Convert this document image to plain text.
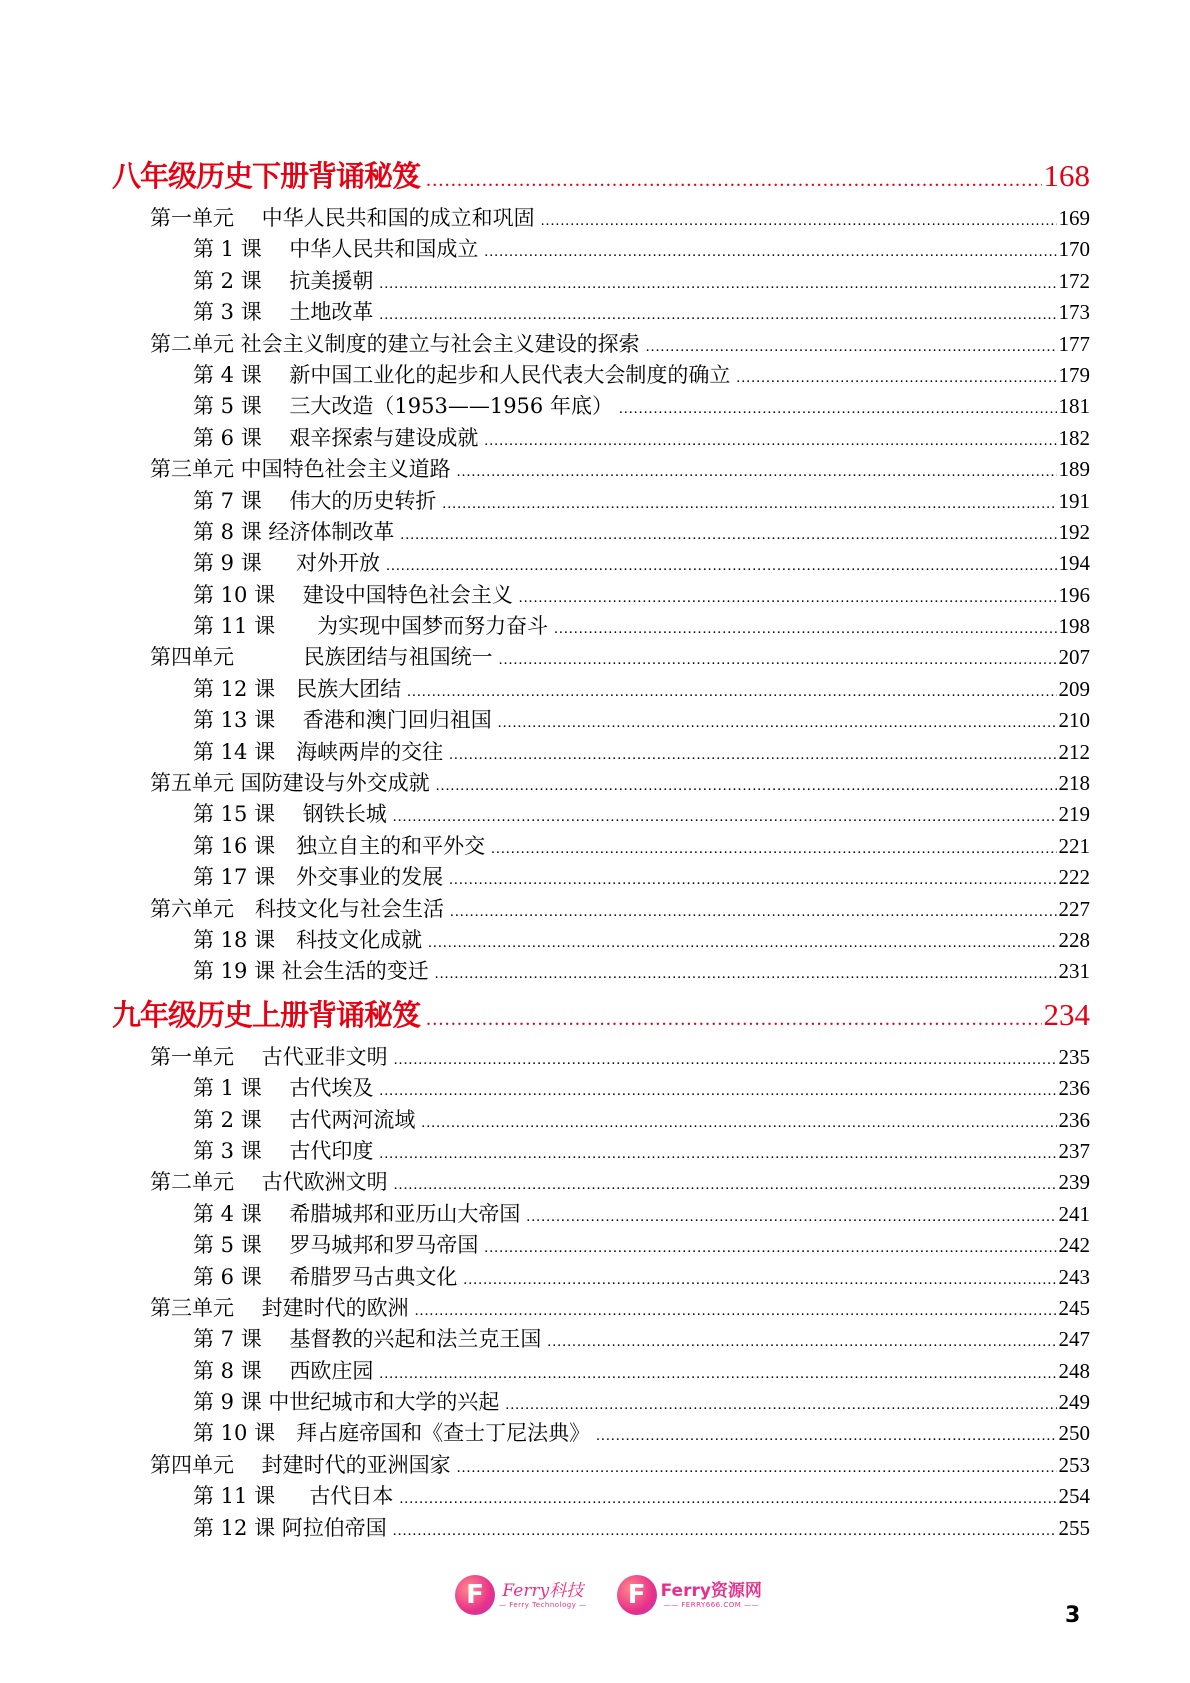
八年级历史下册背诵秘笈 .....	168
第一单元　 中华人民共和国的成立和巩固 .....	169
第 1 课　 中华人民共和国成立 .....	170
第 2 课　 抗美援朝 .....	172
第 3 课　 土地改革 .....	173
第二单元 社会主义制度的建立与社会主义建设的探索 .....	177
第 4 课　 新中国工业化的起步和人民代表大会制度的确立 .....	179
第 5 课　 三大改造（1953——1956 年底） .....	181
第 6 课　 艰辛探索与建设成就 .....	182
第三单元 中国特色社会主义道路 .....	189
第 7 课　 伟大的历史转折 .....	191
第 8 课 经济体制改革 .....	192
第 9 课　  对外开放 .....	194
第 10 课　 建设中国特色社会主义 .....	196
第 11 课　　为实现中国梦而努力奋斗 .....	198
第四单元　　　 民族团结与祖国统一 .....	207
第 12 课　民族大团结 .....	209
第 13 课　 香港和澳门回归祖国 .....	210
第 14 课　海峡两岸的交往 .....	212
第五单元 国防建设与外交成就 .....	218
第 15 课　 钢铁长城 .....	219
第 16 课　独立自主的和平外交 .....	221
第 17 课　外交事业的发展 .....	222
第六单元　科技文化与社会生活 .....	227
第 18 课　科技文化成就 .....	228
第 19 课 社会生活的变迁 .....	231
九年级历史上册背诵秘笈 .....	234
第一单元　 古代亚非文明 .....	235
第 1 课　 古代埃及 .....	236
第 2 课　 古代两河流域 .....	236
第 3 课　 古代印度 .....	237
第二单元　 古代欧洲文明 .....	239
第 4 课　 希腊城邦和亚历山大帝国 .....	241
第 5 课　 罗马城邦和罗马帝国 .....	242
第 6 课　 希腊罗马古典文化 .....	243
第三单元　 封建时代的欧洲 .....	245
第 7 课　 基督教的兴起和法兰克王国 .....	247
第 8 课　 西欧庄园 .....	248
第 9 课 中世纪城市和大学的兴起 .....	249
第 10 课　拜占庭帝国和《查士丁尼法典》 .....	250
第四单元　 封建时代的亚洲国家 .....	253
第 11 课　  古代日本 .....	254
第 12 课 阿拉伯帝国 .....	255
F	Ferry科技
— Ferry Technology —	F Ferry资源网
—— FERRY666.COM ——	3
